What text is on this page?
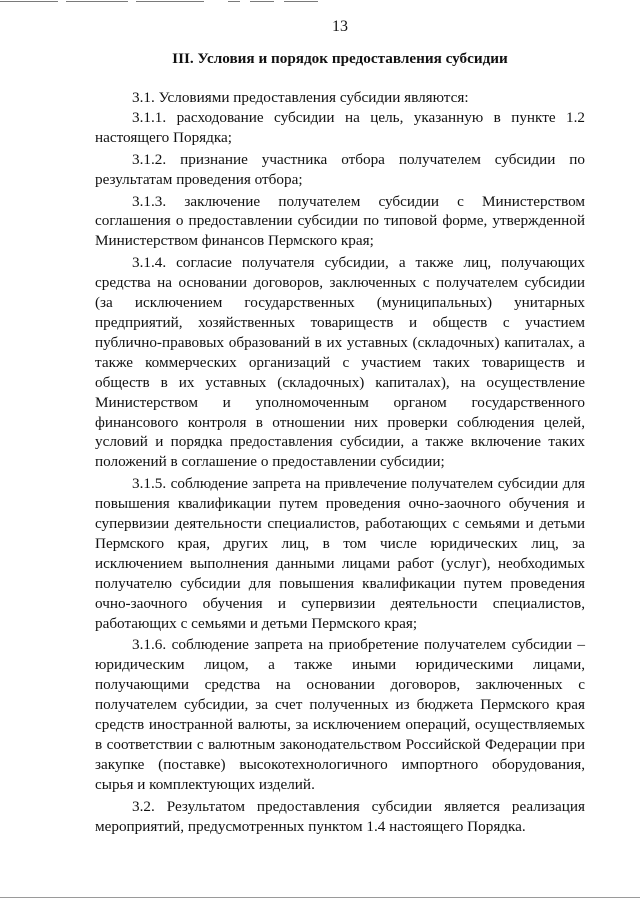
13
III. Условия и порядок предоставления субсидии

3.1. Условиями предоставления субсидии являются:

3.1.1. расходование субсидии на цель, указанную в пункте 1.2 настоящего Порядка;

3.1.2. признание участника отбора получателем субсидии по результатам проведения отбора;

3.1.3. заключение получателем субсидии с Министерством соглашения о предоставлении субсидии по типовой форме, утвержденной Министерством финансов Пермского края;

3.1.4. согласие получателя субсидии, а также лиц, получающих средства на основании договоров, заключенных с получателем субсидии (за исключением государственных (муниципальных) унитарных предприятий, хозяйственных товариществ и обществ с участием публично-правовых образований в их уставных (складочных) капиталах, а также коммерческих организаций с участием таких товариществ и обществ в их уставных (складочных) капиталах), на осуществление Министерством и уполномоченным органом государственного финансового контроля в отношении них проверки соблюдения целей, условий и порядка предоставления субсидии, а также включение таких положений в соглашение о предоставлении субсидии;

3.1.5. соблюдение запрета на привлечение получателем субсидии для повышения квалификации путем проведения очно-заочного обучения и супервизии деятельности специалистов, работающих с семьями и детьми Пермского края, других лиц, в том числе юридических лиц, за исключением выполнения данными лицами работ (услуг), необходимых получателю субсидии для повышения квалификации путем проведения очно-заочного обучения и супервизии деятельности специалистов, работающих с семьями и детьми Пермского края;

3.1.6. соблюдение запрета на приобретение получателем субсидии – юридическим лицом, а также иными юридическими лицами, получающими средства на основании договоров, заключенных с получателем субсидии, за счет полученных из бюджета Пермского края средств иностранной валюты, за исключением операций, осуществляемых в соответствии с валютным законодательством Российской Федерации при закупке (поставке) высокотехнологичного импортного оборудования, сырья и комплектующих изделий.

3.2. Результатом предоставления субсидии является реализация мероприятий, предусмотренных пунктом 1.4 настоящего Порядка.
